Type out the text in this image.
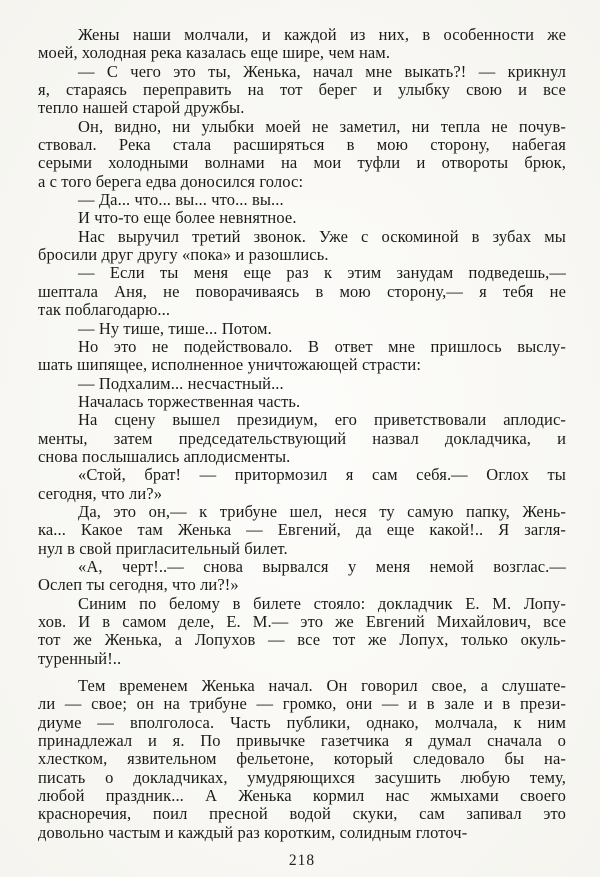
Жены наши молчали, и каждой из них, в особенности же
моей, холодная река казалась еще шире, чем нам.
— С чего это ты, Женька, начал мне выкать?! — крикнул
я, стараясь переправить на тот берег и улыбку свою и все
тепло нашей старой дружбы.
Он, видно, ни улыбки моей не заметил, ни тепла не почув-
ствовал. Река стала расширяться в мою сторону, набегая
серыми холодными волнами на мои туфли и отвороты брюк,
а с того берега едва доносился голос:
— Да... что... вы... что... вы...
И что-то еще более невнятное.
Нас выручил третий звонок. Уже с оскоминой в зубах мы
бросили друг другу «пока» и разошлись.
— Если ты меня еще раз к этим занудам подведешь,—
шептала Аня, не поворачиваясь в мою сторону,— я тебя не
так поблагодарю...
— Ну тише, тише... Потом.
Но это не подействовало. В ответ мне пришлось выслу-
шать шипящее, исполненное уничтожающей страсти:
— Подхалим... несчастный...
Началась торжественная часть.
На сцену вышел президиум, его приветствовали аплодис-
менты, затем председательствующий назвал докладчика, и
снова послышались аплодисменты.
«Стой, брат! — притормозил я сам себя.— Оглох ты
сегодня, что ли?»
Да, это он,— к трибуне шел, неся ту самую папку, Жень-
ка... Какое там Женька — Евгений, да еще какой!.. Я загля-
нул в свой пригласительный билет.
«А, черт!..— снова вырвался у меня немой возглас.—
Ослеп ты сегодня, что ли?!»
Синим по белому в билете стояло: докладчик Е. М. Лопу-
хов. И в самом деле, Е. М.— это же Евгений Михайлович, все
тот же Женька, а Лопухов — все тот же Лопух, только окуль-
туренный!..
Тем временем Женька начал. Он говорил свое, а слушате-
ли — свое; он на трибуне — громко, они — и в зале и в прези-
диуме — вполголоса. Часть публики, однако, молчала, к ним
принадлежал и я. По привычке газетчика я думал сначала о
хлестком, язвительном фельетоне, который следовало бы на-
писать о докладчиках, умудряющихся засушить любую тему,
любой праздник... А Женька кормил нас жмыхами своего
красноречия, поил пресной водой скуки, сам запивал это
довольно частым и каждый раз коротким, солидным глоточ-
218
